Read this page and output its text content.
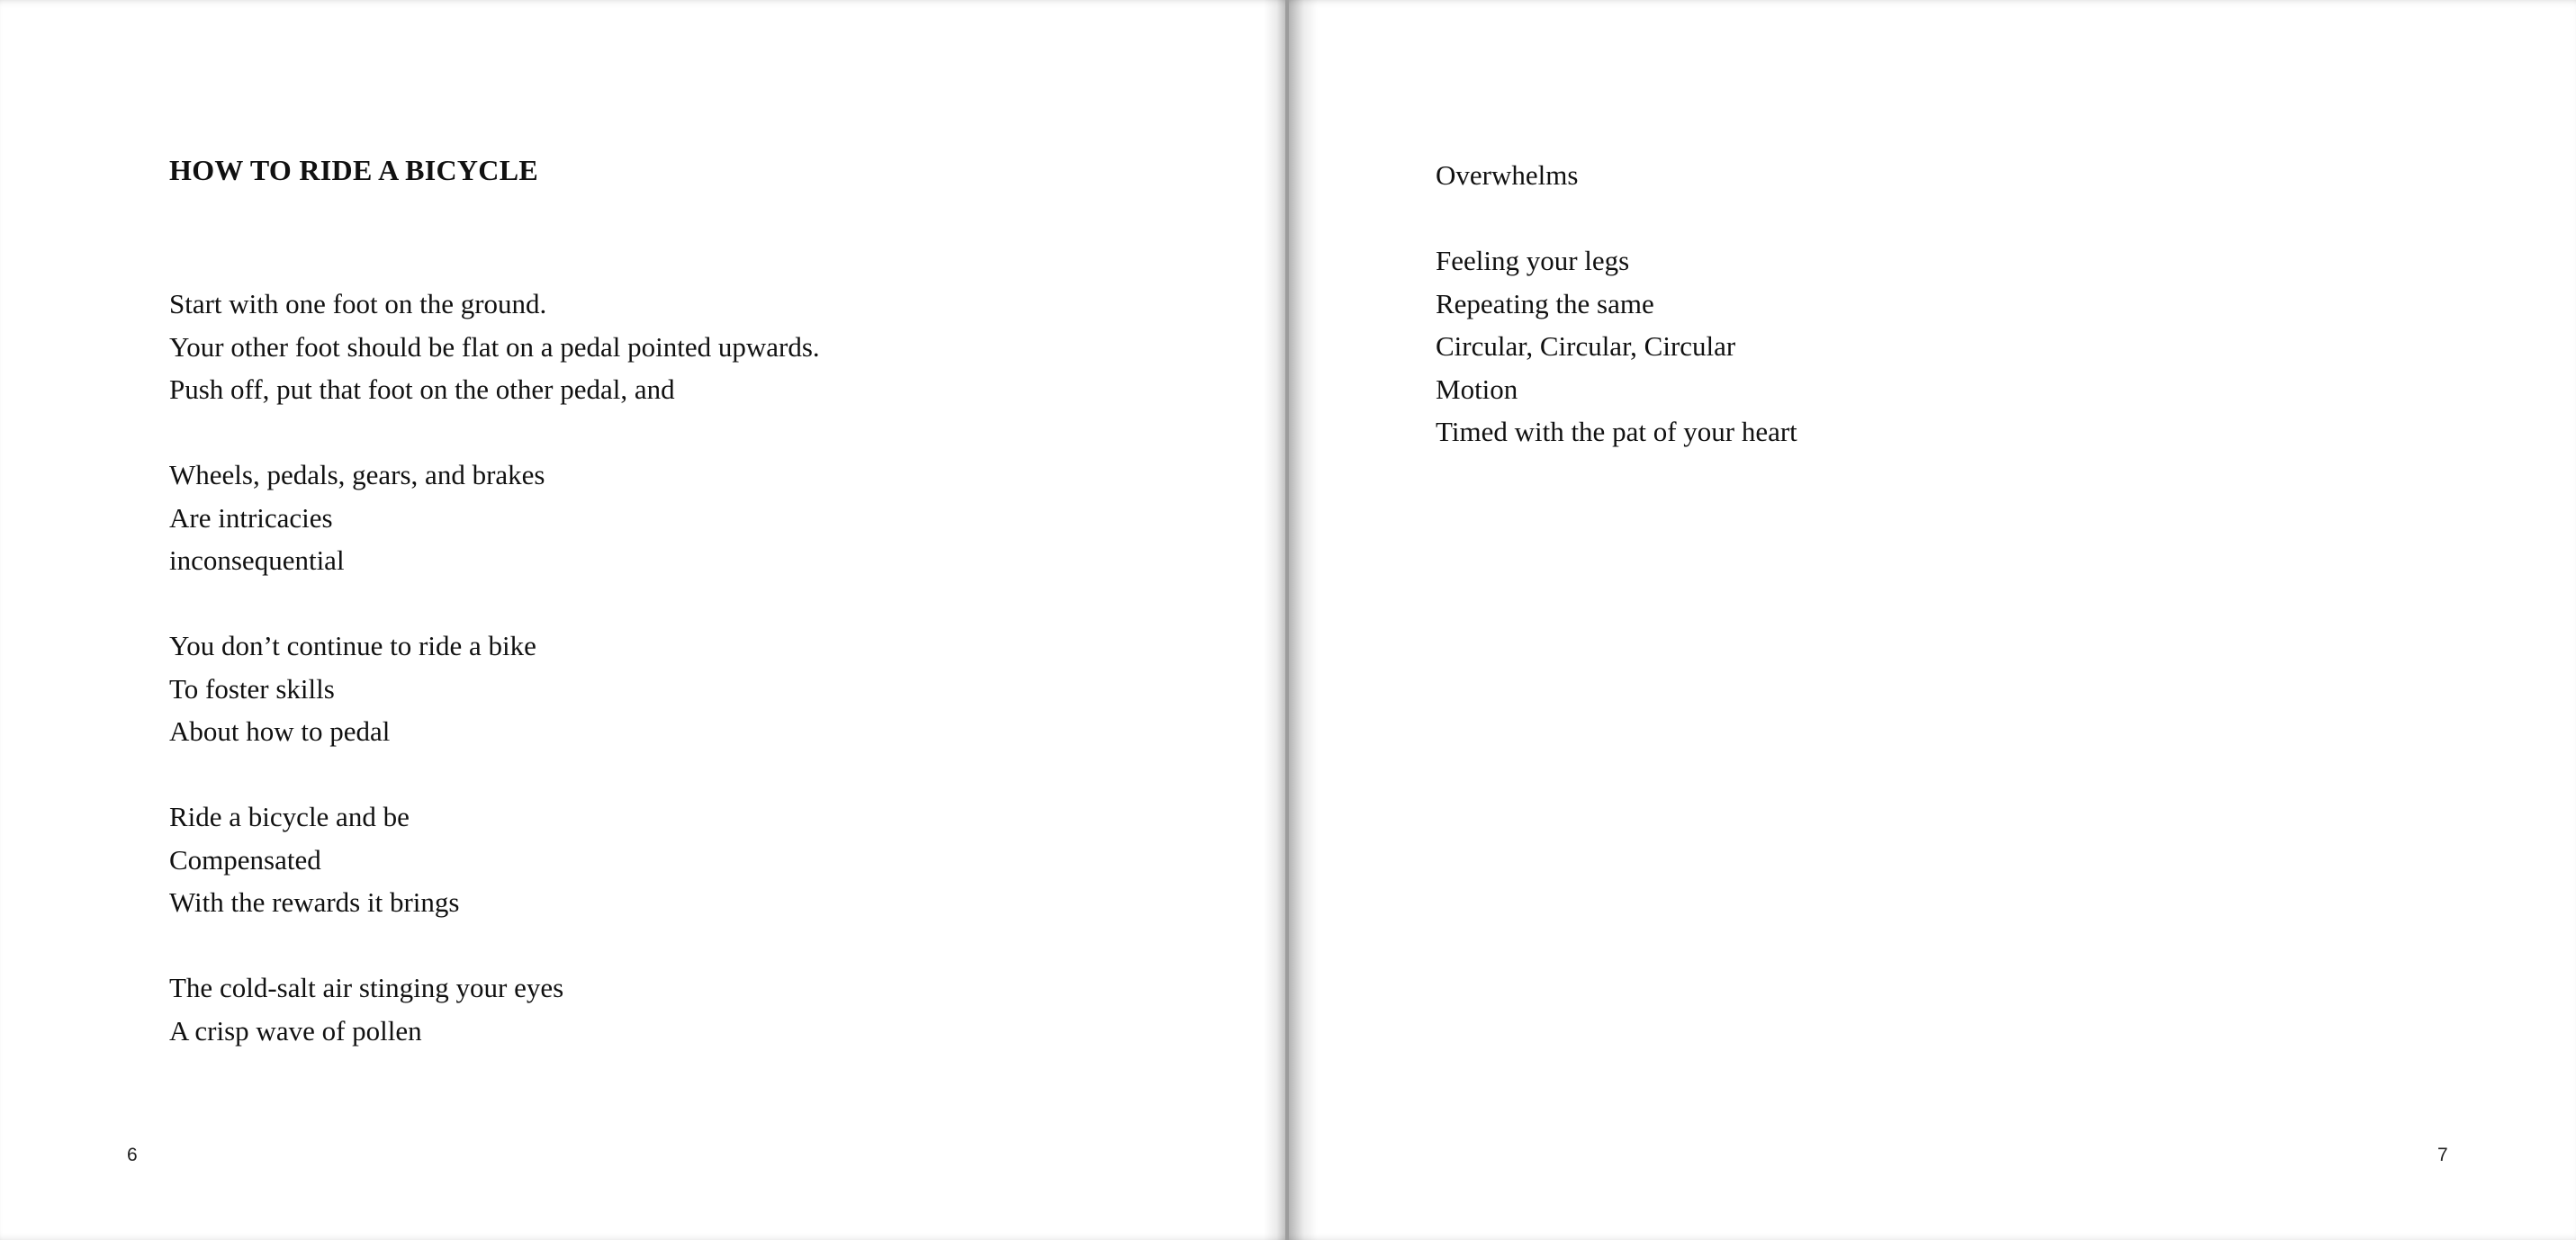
HOW TO RIDE A BICYCLE
Start with one foot on the ground.
Your other foot should be flat on a pedal pointed upwards.
Push off, put that foot on the other pedal, and
Wheels, pedals, gears, and brakes
Are intricacies
inconsequential
You don’t continue to ride a bike
To foster skills
About how to pedal
Ride a bicycle and be
Compensated
With the rewards it brings
The cold-salt air stinging your eyes
A crisp wave of pollen
6
Overwhelms
Feeling your legs
Repeating the same
Circular, Circular, Circular
Motion
Timed with the pat of your heart
7
